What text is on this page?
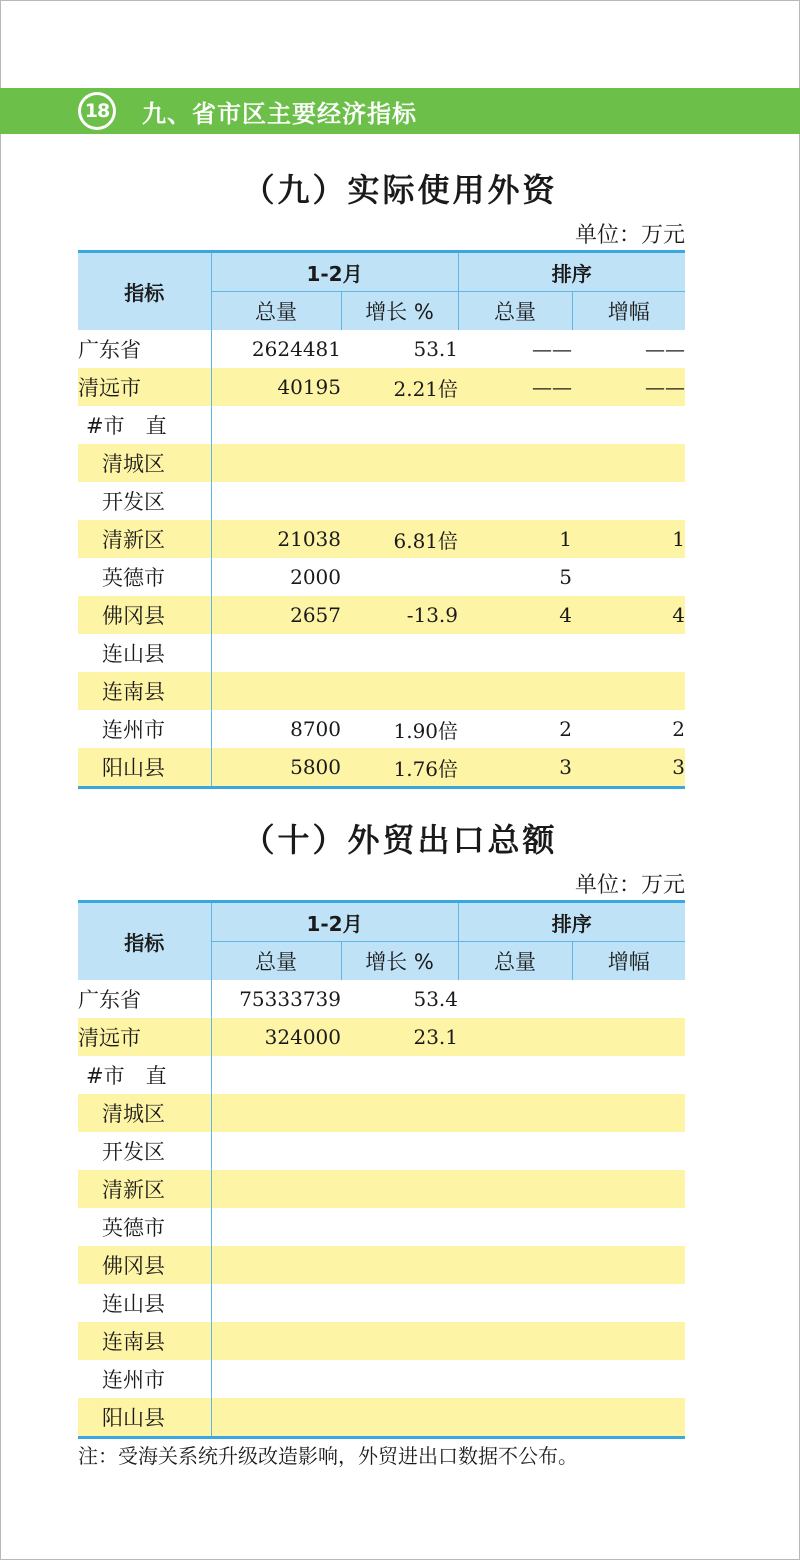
18 九、省市区主要经济指标
（九）实际使用外资
单位：万元
指标	1-2月		排序	
	总量	增长 %	总量	增幅
广东省	2624481	53.1	——	——
清远市	40195	2.21倍	——	——
#市　直				
清城区				
开发区				
清新区	21038	6.81倍	1	1
英德市	2000		5	
佛冈县	2657	-13.9	4	4
连山县				
连南县				
连州市	8700	1.90倍	2	2
阳山县	5800	1.76倍	3	3
（十）外贸出口总额
单位：万元
指标	1-2月		排序	
	总量	增长 %	总量	增幅
广东省	75333739	53.4		
清远市	324000	23.1		
#市　直				
清城区				
开发区				
清新区				
英德市				
佛冈县				
连山县				
连南县				
连州市				
阳山县				
注：受海关系统升级改造影响，外贸进出口数据不公布。
